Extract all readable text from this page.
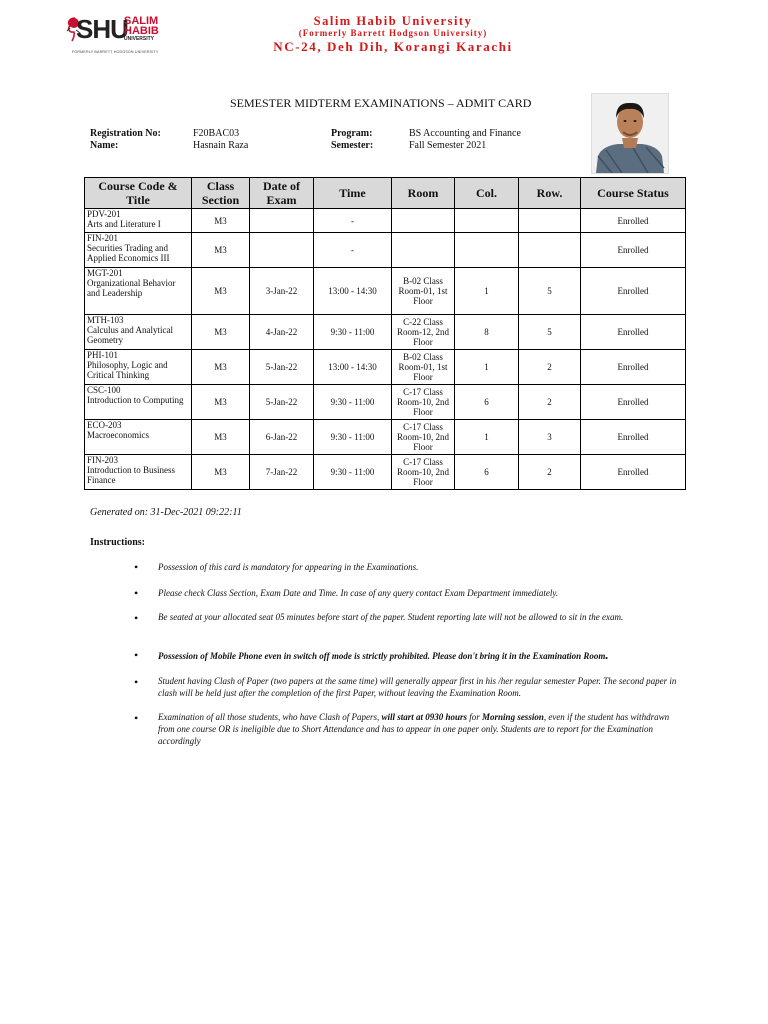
SHU
SALIM
HABIB
UNIVERSITY
FORMERLY BARRETT HODGSON UNIVERSITY
Salim Habib University
(Formerly Barrett Hodgson University)
NC-24, Deh Dih, Korangi Karachi
SEMESTER MIDTERM EXAMINATIONS – ADMIT CARD
Registration No:	F20BAC03
Name:	Hasnain Raza
Program:	BS Accounting and Finance
Semester:	Fall Semester 2021
Course Code & Title	Class Section	Date of Exam	Time	Room	Col.	Row.	Course Status

PDV-201
Arts and Literature I	M3		-				Enrolled

FIN-201
Securities Trading and Applied Economics III	M3		-				Enrolled

MGT-201
Organizational Behavior and Leadership	M3	3-Jan-22	13:00 - 14:30	B-02 Class Room-01, 1st Floor	1	5	Enrolled

MTH-103
Calculus and Analytical Geometry	M3	4-Jan-22	9:30 - 11:00	C-22 Class Room-12, 2nd Floor	8	5	Enrolled

PHI-101
Philosophy, Logic and Critical Thinking	M3	5-Jan-22	13:00 - 14:30	B-02 Class Room-01, 1st Floor	1	2	Enrolled

CSC-100
Introduction to Computing	M3	5-Jan-22	9:30 - 11:00	C-17 Class Room-10, 2nd Floor	6	2	Enrolled

ECO-203
Macroeconomics	M3	6-Jan-22	9:30 - 11:00	C-17 Class Room-10, 2nd Floor	1	3	Enrolled

FIN-203
Introduction to Business Finance	M3	7-Jan-22	9:30 - 11:00	C-17 Class Room-10, 2nd Floor	6	2	Enrolled
Generated on: 31-Dec-2021 09:22:11
Instructions:
• Possession of this card is mandatory for appearing in the Examinations.
• Please check Class Section, Exam Date and Time. In case of any query contact Exam Department immediately.
• Be seated at your allocated seat 05 minutes before start of the paper. Student reporting late will not be allowed to sit in the exam.
• Possession of Mobile Phone even in switch off mode is strictly prohibited. Please don't bring it in the Examination Room.
• Student having Clash of Paper (two papers at the same time) will generally appear first in his /her regular semester Paper. The second paper in clash will be held just after the completion of the first Paper, without leaving the Examination Room.
• Examination of all those students, who have Clash of Papers, will start at 0930 hours for Morning session, even if the student has withdrawn from one course OR is ineligible due to Short Attendance and has to appear in one paper only. Students are to report for the Examination accordingly
